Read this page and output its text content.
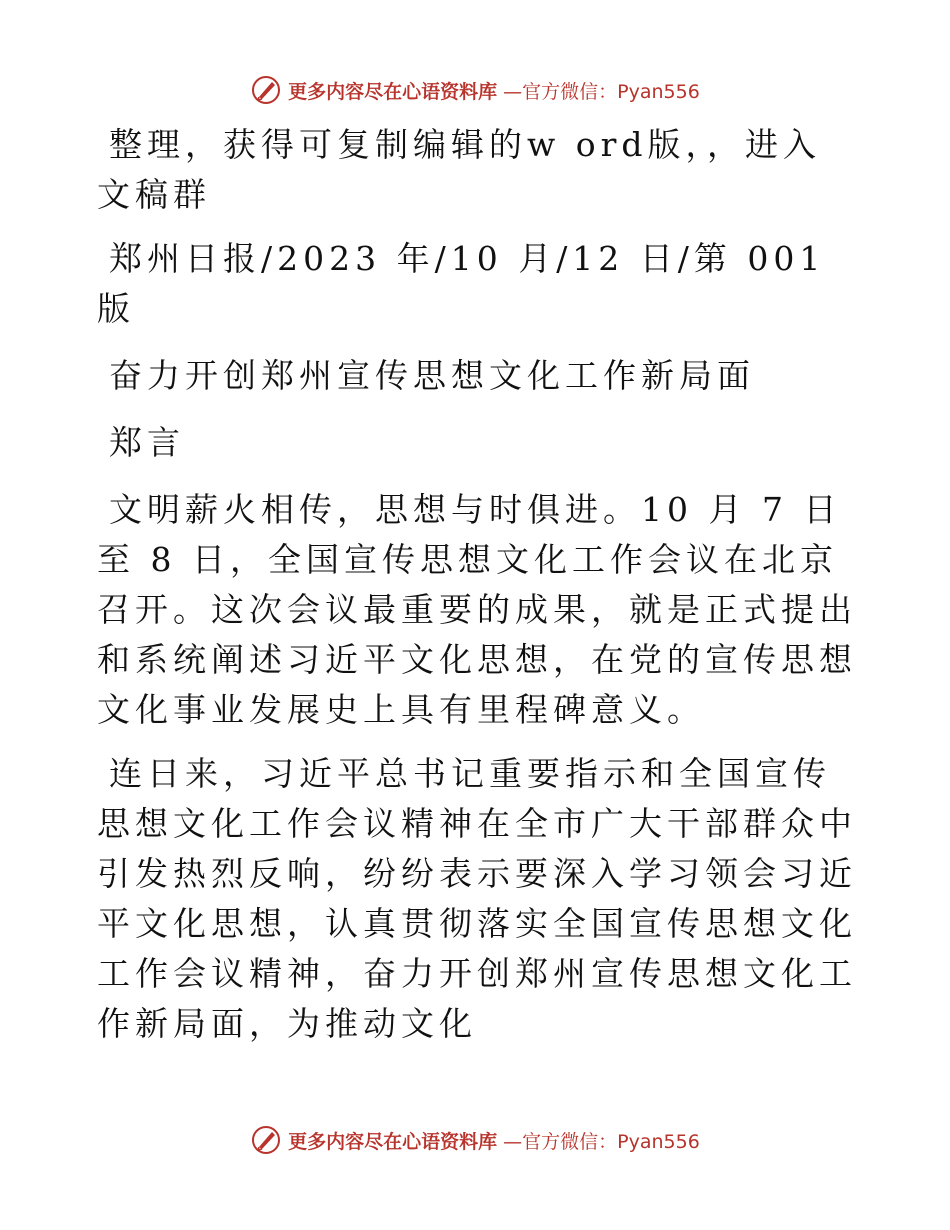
更多内容尽在心语资料库 —官方微信：Pyan556

整理，获得可复制编辑的w ord版，，进入文稿群

郑州日报/2023 年/10 月/12 日/第 001 版

奋力开创郑州宣传思想文化工作新局面

郑言

文明薪火相传，思想与时俱进。10 月 7 日至 8 日，全国宣传思想文化工作会议在北京召开。这次会议最重要的成果，就是正式提出和系统阐述习近平文化思想，在党的宣传思想文化事业发展史上具有里程碑意义。

连日来，习近平总书记重要指示和全国宣传思想文化工作会议精神在全市广大干部群众中引发热烈反响，纷纷表示要深入学习领会习近平文化思想，认真贯彻落实全国宣传思想文化工作会议精神，奋力开创郑州宣传思想文化工作新局面，为推动文化

更多内容尽在心语资料库 —官方微信：Pyan556
